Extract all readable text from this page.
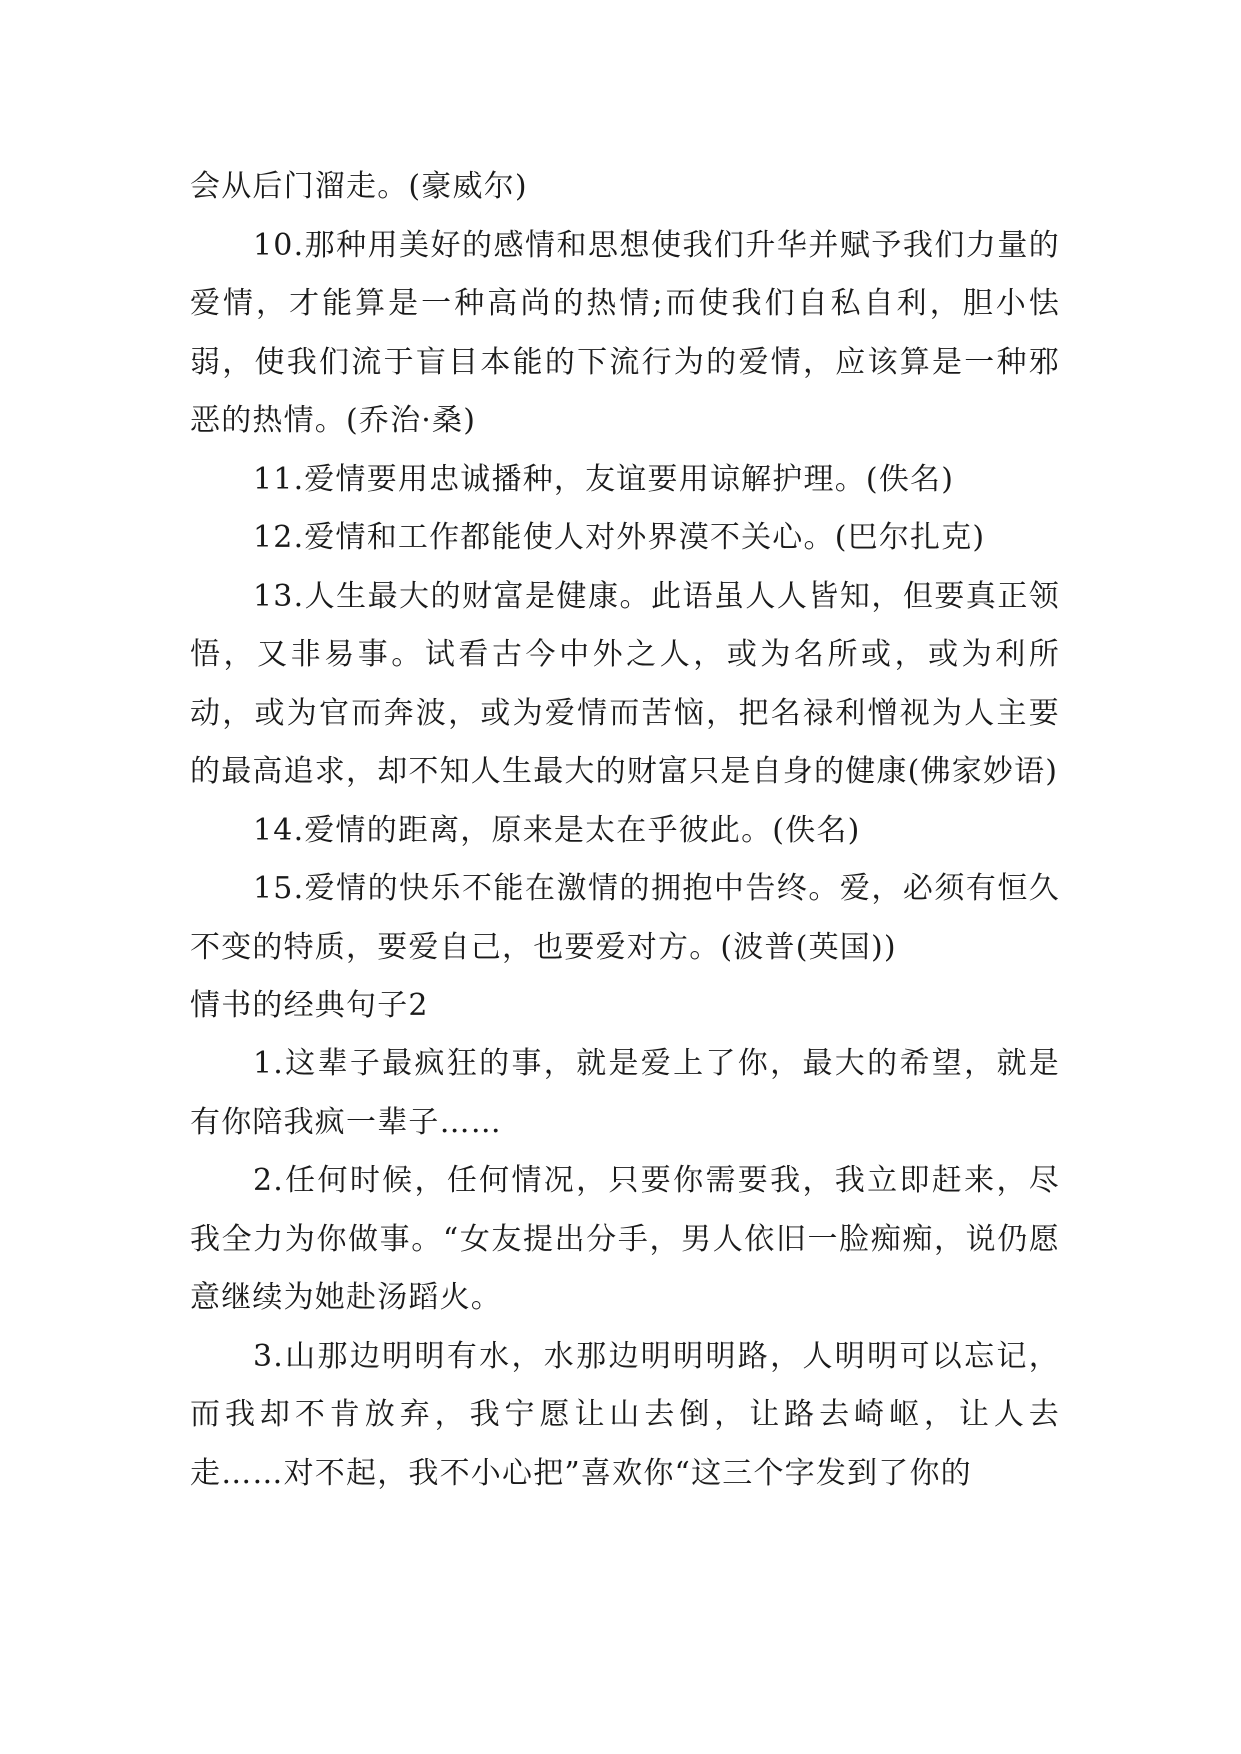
会从后门溜走。(豪威尔)

10.那种用美好的感情和思想使我们升华并赋予我们力量的爱情，才能算是一种高尚的热情;而使我们自私自利，胆小怯弱，使我们流于盲目本能的下流行为的爱情，应该算是一种邪恶的热情。(乔治·桑)

11.爱情要用忠诚播种，友谊要用谅解护理。(佚名)

12.爱情和工作都能使人对外界漠不关心。(巴尔扎克)

13.人生最大的财富是健康。此语虽人人皆知，但要真正领悟，又非易事。试看古今中外之人，或为名所或，或为利所动，或为官而奔波，或为爱情而苦恼，把名禄利憎视为人主要的最高追求，却不知人生最大的财富只是自身的健康(佛家妙语)

14.爱情的距离，原来是太在乎彼此。(佚名)

15.爱情的快乐不能在激情的拥抱中告终。爱，必须有恒久不变的特质，要爱自己，也要爱对方。(波普(英国))

情书的经典句子2

1.这辈子最疯狂的事，就是爱上了你，最大的希望，就是有你陪我疯一辈子……

2.任何时候，任何情况，只要你需要我，我立即赶来，尽我全力为你做事。“女友提出分手，男人依旧一脸痴痴，说仍愿意继续为她赴汤蹈火。

3.山那边明明有水，水那边明明明路，人明明可以忘记，而我却不肯放弃，我宁愿让山去倒，让路去崎岖，让人去走……对不起，我不小心把”喜欢你“这三个字发到了你的
